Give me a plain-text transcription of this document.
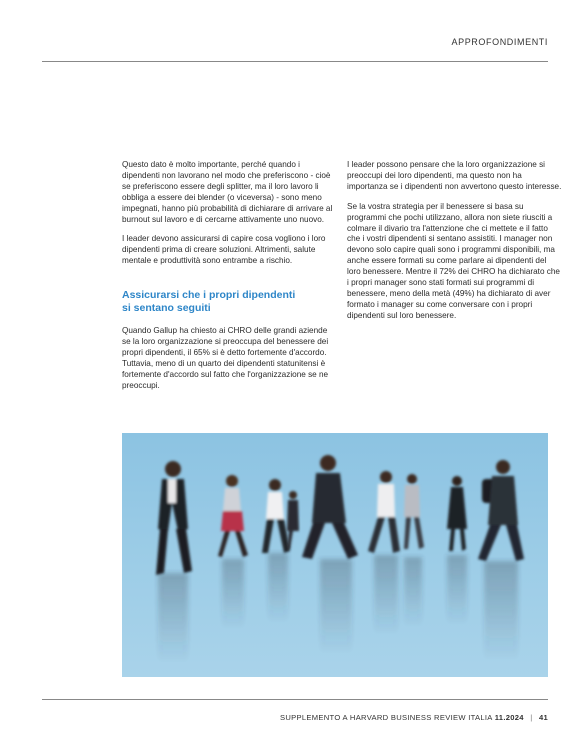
APPROFONDIMENTI

Questo dato è molto importante, perché quando i dipendenti non lavorano nel modo che preferiscono - cioè se preferiscono essere degli splitter, ma il loro lavoro li obbliga a essere dei blender (o viceversa) - sono meno impegnati, hanno più probabilità di dichiarare di arrivare al burnout sul lavoro e di cercarne attivamente uno nuovo.

I leader devono assicurarsi di capire cosa vogliono i loro dipendenti prima di creare soluzioni. Altrimenti, salute mentale e produttività sono entrambe a rischio.

Assicurarsi che i propri dipendenti
si sentano seguiti

Quando Gallup ha chiesto ai CHRO delle grandi aziende se la loro organizzazione si preoccupa del benessere dei propri dipendenti, il 65% si è detto fortemente d'accordo. Tuttavia, meno di un quarto dei dipendenti statunitensi è fortemente d'accordo sul fatto che l'organizzazione se ne preoccupi.

I leader possono pensare che la loro organizzazione si preoccupi dei loro dipendenti, ma questo non ha importanza se i dipendenti non avvertono questo interesse.

Se la vostra strategia per il benessere si basa su programmi che pochi utilizzano, allora non siete riusciti a colmare il divario tra l'attenzione che ci mettete e il fatto che i vostri dipendenti si sentano assistiti. I manager non devono solo capire quali sono i programmi disponibili, ma anche essere formati su come parlare ai dipendenti del loro benessere. Mentre il 72% dei CHRO ha dichiarato che i propri manager sono stati formati sui programmi di benessere, meno della metà (49%) ha dichiarato di aver formato i manager su come conversare con i propri dipendenti sul loro benessere.

SUPPLEMENTO A HARVARD BUSINESS REVIEW ITALIA 11.2024 | 41
